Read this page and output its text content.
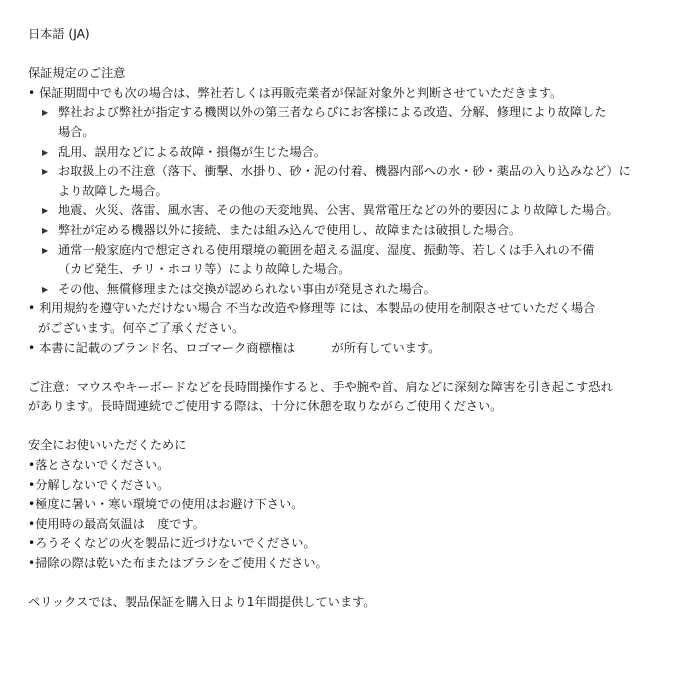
日本語 (JA)
保証規定のご注意
• 保証期間中でも次の場合は、弊社若しくは再販売業者が保証対象外と判断させていただきます。
▶ 弊社および弊社が指定する機関以外の第三者ならびにお客様による改造、分解、修理により故障した
場合。
▶ 乱用、誤用などによる故障・損傷が生じた場合。
▶ お取扱上の不注意（落下、衝撃、水掛り、砂・泥の付着、機器内部への水・砂・薬品の入り込みなど）に
より故障した場合。
▶ 地震、火災、落雷、風水害、その他の天変地異、公害、異常電圧などの外的要因により故障した場合。
▶ 弊社が定める機器以外に接続、または組み込んで使用し、故障または破損した場合。
▶ 通常一般家庭内で想定される使用環境の範囲を超える温度、湿度、振動等、若しくは手入れの不備
（カビ発生、チリ・ホコリ等）により故障した場合。
▶ その他、無償修理または交換が認められない事由が発見された場合。
• 利用規約を遵守いただけない場合 不当な改造や修理等 には、本製品の使用を制限させていただく場合
がございます。何卒ご了承ください。
• 本書に記載のブランド名、ロゴマーク商標権は　　　が所有しています。
ご注意：マウスやキーボードなどを長時間操作すると、手や腕や首、肩などに深刻な障害を引き起こす恐れ
があります。長時間連続でご使用する際は、十分に休憩を取りながらご使用ください。
安全にお使いいただくために
•落とさないでください。
•分解しないでください。
•極度に暑い・寒い環境での使用はお避け下さい。
•使用時の最高気温は　度です。
•ろうそくなどの火を製品に近づけないでください。
•掃除の際は乾いた布またはブラシをご使用ください。
ペリックスでは、製品保証を購入日より1年間提供しています。
